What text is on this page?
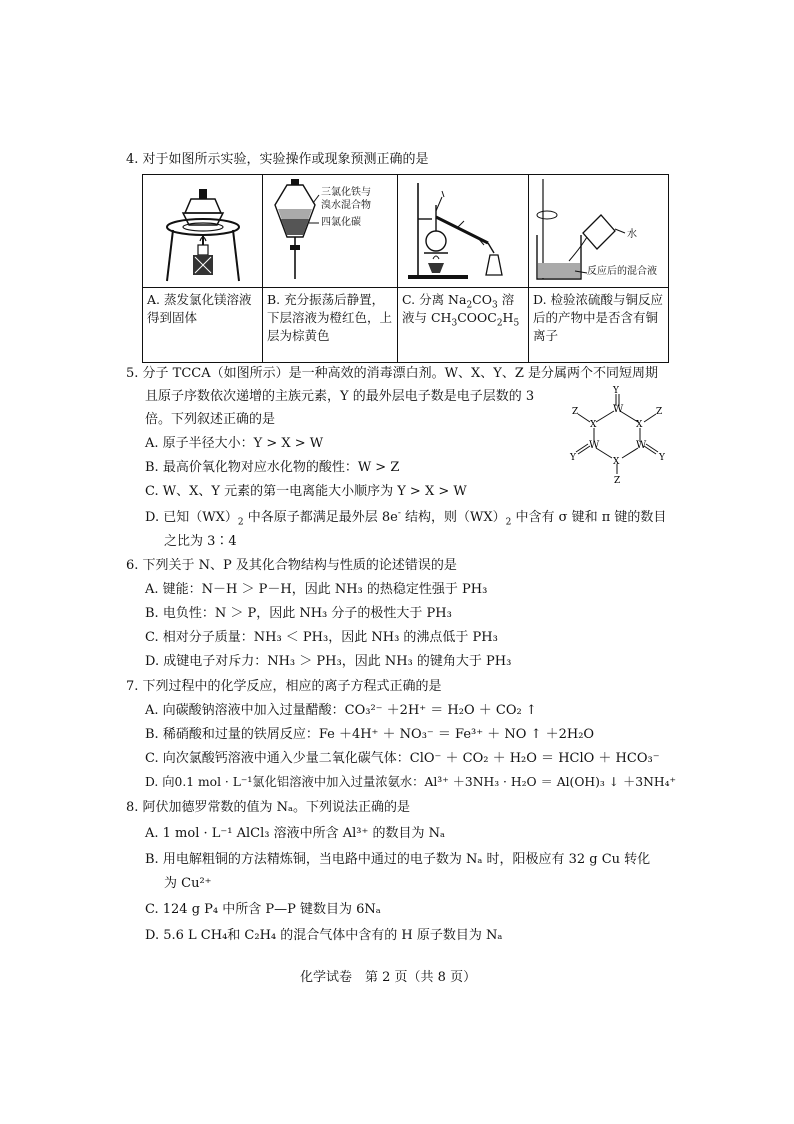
4. 对于如图所示实验，实验操作或现象预测正确的是

三氯化铁与
溴水混合物
四氯化碳		水
反应后的混合液

A. 蒸发氯化镁溶液得到固体	B. 充分振荡后静置，下层溶液为橙红色，上层为棕黄色	C. 分离 $Na_2CO_3$ 溶液与 $CH_3COOC_2H_5$	D. 检验浓硫酸与铜反应后的产物中是否含有铜离子
5. 分子 TCCA（如图所示）是一种高效的消毒漂白剂。W、X、Y、Z 是分属两个不同短周期
且原子序数依次递增的主族元素，Y 的最外层电子数是电子层数的 3
倍。下列叙述正确的是
A. 原子半径大小：Y > X > W
B. 最高价氧化物对应水化物的酸性：W > Z
C. W、X、Y 元素的第一电离能大小顺序为 Y > X > W
D. 已知$(WX)_2$ 中各原子都满足最外层 8e- 结构，则$(WX)_2$ 中含有 σ 键和 π 键的数目
之比为 3∶4
Y
W	Z
Z
X
X
W
W
Y
Y	X
Z
6. 下列关于 N、P 及其化合物结构与性质的论述错误的是
A. 键能：N－H ＞ P－H，因此 NH₃ 的热稳定性强于 PH₃
B. 电负性：N ＞ P，因此 NH₃ 分子的极性大于 PH₃
C. 相对分子质量：NH₃ ＜ PH₃，因此 NH₃ 的沸点低于 PH₃
D. 成键电子对斥力：NH₃ ＞ PH₃，因此 NH₃ 的键角大于 PH₃
7. 下列过程中的化学反应，相应的离子方程式正确的是
A. 向碳酸钠溶液中加入过量醋酸：CO₃²⁻ ＋2H⁺ ＝ H₂O ＋ CO₂ ↑
B. 稀硝酸和过量的铁屑反应：Fe ＋4H⁺ ＋ NO₃⁻ ＝ Fe³⁺ ＋ NO ↑ ＋2H₂O
C. 向次氯酸钙溶液中通入少量二氧化碳气体：ClO⁻ ＋ CO₂ ＋ H₂O ＝ HClO ＋ HCO₃⁻
D. 向0.1 mol · L⁻¹氯化铝溶液中加入过量浓氨水：Al³⁺ ＋3NH₃ · H₂O ＝ Al(OH)₃ ↓ ＋3NH₄⁺
8. 阿伏加德罗常数的值为 Nₐ。下列说法正确的是
A. 1 mol · L⁻¹ AlCl₃ 溶液中所含 Al³⁺ 的数目为 Nₐ
B. 用电解粗铜的方法精炼铜，当电路中通过的电子数为 Nₐ 时，阳极应有 32 g Cu 转化
为 Cu²⁺
C. 124 g P₄ 中所含 P—P 键数目为 6Nₐ
D. 5.6 L CH₄和 C₂H₄ 的混合气体中含有的 H 原子数目为 Nₐ
化学试卷　第 2 页（共 8 页）
